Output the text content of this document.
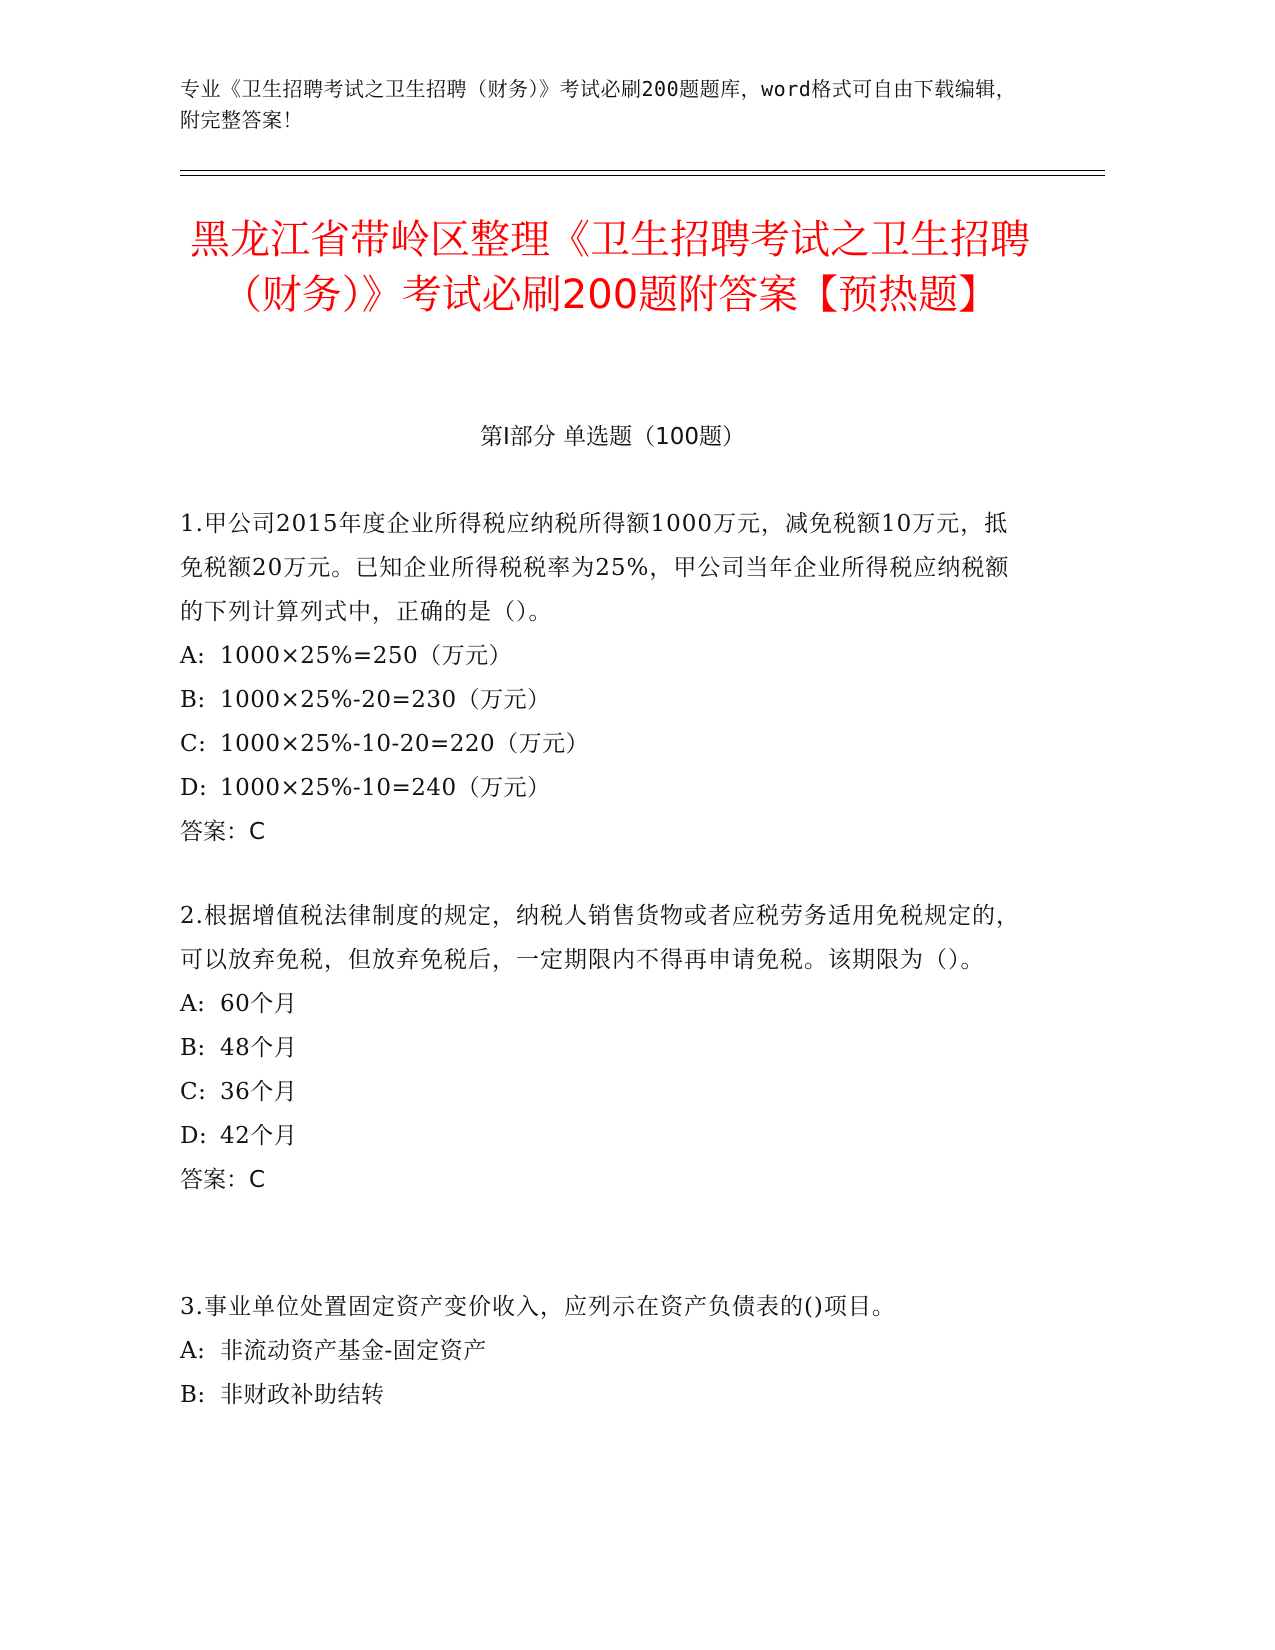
专业《卫生招聘考试之卫生招聘（财务）》考试必刷200题题库，word格式可自由下载编辑，附完整答案！
黑龙江省带岭区整理《卫生招聘考试之卫生招聘（财务）》考试必刷200题附答案【预热题】
第Ⅰ部分 单选题（100题）
1.甲公司2015年度企业所得税应纳税所得额1000万元，减免税额10万元，抵免税额20万元。已知企业所得税税率为25%，甲公司当年企业所得税应纳税额的下列计算列式中，正确的是（）。
A: 1000×25%=250（万元）
B: 1000×25%-20=230（万元）
C: 1000×25%-10-20=220（万元）
D: 1000×25%-10=240（万元）
答案：C
2.根据增值税法律制度的规定，纳税人销售货物或者应税劳务适用免税规定的，可以放弃免税，但放弃免税后，一定期限内不得再申请免税。该期限为（）。
A: 60个月
B: 48个月
C: 36个月
D: 42个月
答案：C
3.事业单位处置固定资产变价收入，应列示在资产负债表的()项目。
A: 非流动资产基金-固定资产
B: 非财政补助结转
